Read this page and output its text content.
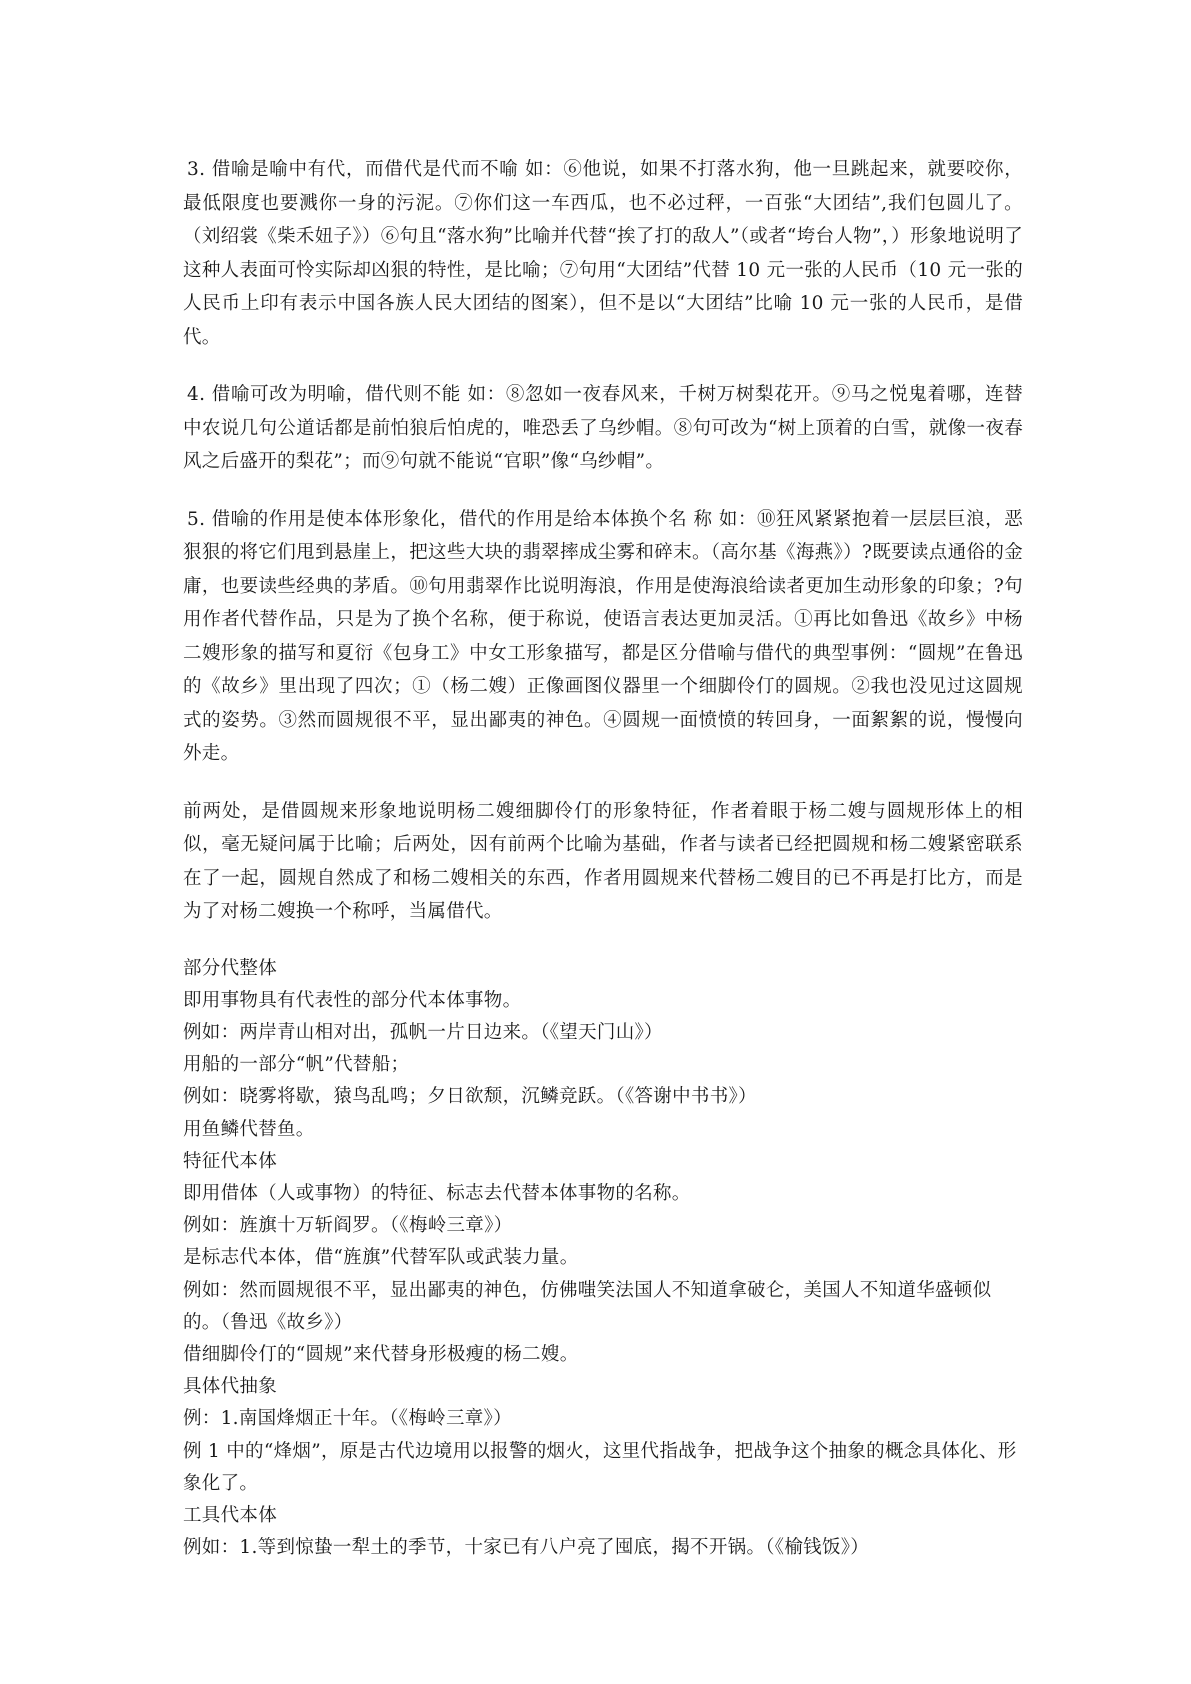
3. 借喻是喻中有代，而借代是代而不喻 如：⑥他说，如果不打落水狗，他一旦跳起来，就要咬你，最低限度也要溅你一身的污泥。⑦你们这一车西瓜，也不必过秤，一百张“大团结”,我们包圆儿了。（刘绍裳《柴禾妞子》）⑥句且“落水狗”比喻并代替“挨了打的敌人”（或者“垮台人物”，）形象地说明了这种人表面可怜实际却凶狠的特性，是比喻；⑦句用“大团结”代替 10 元一张的人民币（10 元一张的人民币上印有表示中国各族人民大团结的图案），但不是以“大团结”比喻 10 元一张的人民币，是借代。

4. 借喻可改为明喻，借代则不能 如：⑧忽如一夜春风来，千树万树梨花开。⑨马之悦鬼着哪，连替中农说几句公道话都是前怕狼后怕虎的，唯恐丢了乌纱帽。⑧句可改为“树上顶着的白雪，就像一夜春风之后盛开的梨花”；而⑨句就不能说“官职”像“乌纱帽”。

5. 借喻的作用是使本体形象化，借代的作用是给本体换个名 称 如：⑩狂风紧紧抱着一层层巨浪，恶狠狠的将它们甩到悬崖上，把这些大块的翡翠摔成尘雾和碎末。（高尔基《海燕》）?既要读点通俗的金庸，也要读些经典的茅盾。⑩句用翡翠作比说明海浪，作用是使海浪给读者更加生动形象的印象；?句用作者代替作品，只是为了换个名称，便于称说，使语言表达更加灵活。①再比如鲁迅《故乡》中杨二嫂形象的描写和夏衍《包身工》中女工形象描写，都是区分借喻与借代的典型事例：“圆规”在鲁迅的《故乡》里出现了四次；①（杨二嫂）正像画图仪器里一个细脚伶仃的圆规。②我也没见过这圆规式的姿势。③然而圆规很不平，显出鄙夷的神色。④圆规一面愤愤的转回身，一面絮絮的说，慢慢向外走。

前两处，是借圆规来形象地说明杨二嫂细脚伶仃的形象特征，作者着眼于杨二嫂与圆规形体上的相似，毫无疑问属于比喻；后两处，因有前两个比喻为基础，作者与读者已经把圆规和杨二嫂紧密联系在了一起，圆规自然成了和杨二嫂相关的东西，作者用圆规来代替杨二嫂目的已不再是打比方，而是为了对杨二嫂换一个称呼，当属借代。

部分代整体

即用事物具有代表性的部分代本体事物。

例如：两岸青山相对出，孤帆一片日边来。（《望天门山》）

用船的一部分“帆”代替船；

例如：晓雾将歇，猿鸟乱鸣；夕日欲颓，沉鳞竞跃。（《答谢中书书》）

用鱼鳞代替鱼。

特征代本体

即用借体（人或事物）的特征、标志去代替本体事物的名称。

例如：旌旗十万斩阎罗。（《梅岭三章》）

是标志代本体，借“旌旗”代替军队或武装力量。

例如：然而圆规很不平，显出鄙夷的神色，仿佛嗤笑法国人不知道拿破仑，美国人不知道华盛顿似的。（鲁迅《故乡》）

借细脚伶仃的“圆规”来代替身形极瘦的杨二嫂。

具体代抽象

例：1.南国烽烟正十年。（《梅岭三章》）

例 1 中的“烽烟”，原是古代边境用以报警的烟火，这里代指战争，把战争这个抽象的概念具体化、形象化了。

工具代本体

例如：1.等到惊蛰一犁土的季节，十家已有八户亮了囤底，揭不开锅。（《榆钱饭》）
